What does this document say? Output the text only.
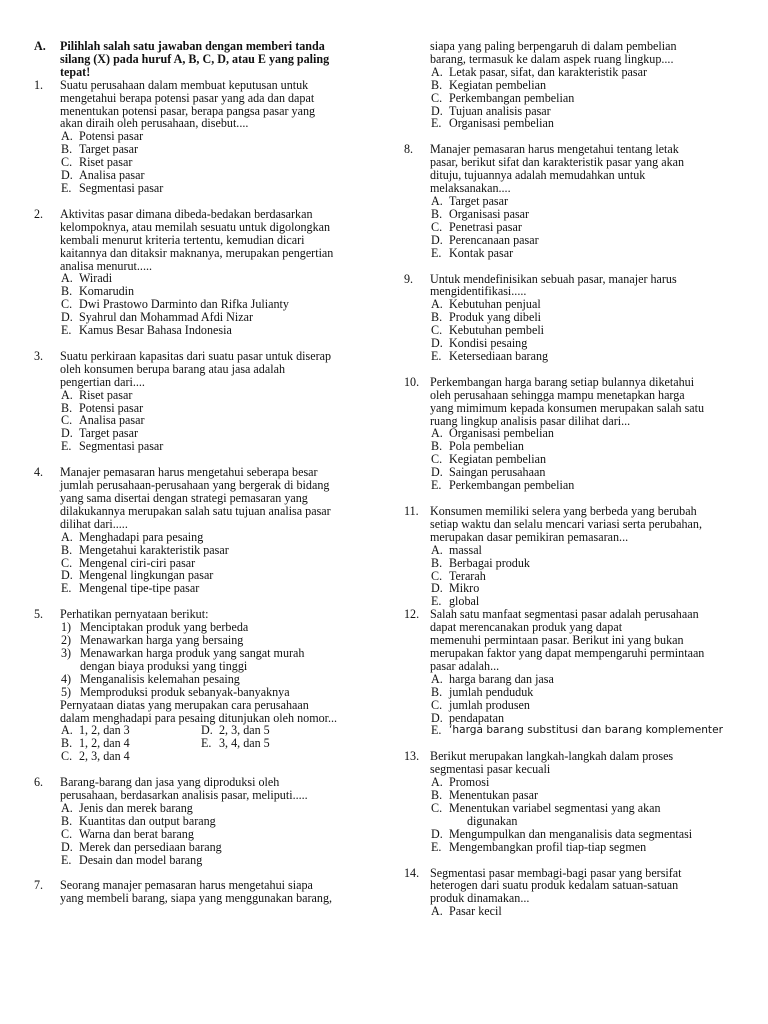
A.	Pilihlah salah satu jawaban dengan memberi tanda
silang (X) pada huruf A, B, C, D, atau E yang paling
tepat!
1.	Suatu perusahaan dalam membuat keputusan untuk
mengetahui berapa potensi pasar yang ada dan dapat
menentukan potensi pasar, berapa pangsa pasar yang
akan diraih oleh perusahaan, disebut....
A. Potensi pasar
B. Target pasar
C. Riset pasar
D. Analisa pasar
E. Segmentasi pasar
2.	Aktivitas pasar dimana dibeda-bedakan berdasarkan
kelompoknya, atau memilah sesuatu untuk digolongkan
kembali menurut kriteria tertentu, kemudian dicari
kaitannya dan ditaksir maknanya, merupakan pengertian
analisa menurut.....
A. Wiradi
B. Komarudin
C. Dwi Prastowo Darminto dan Rifka Julianty
D. Syahrul dan Mohammad Afdi Nizar
E. Kamus Besar Bahasa Indonesia
3.	Suatu perkiraan kapasitas dari suatu pasar untuk diserap
oleh konsumen berupa barang atau jasa adalah
pengertian dari....
A. Riset pasar
B. Potensi pasar
C. Analisa pasar
D. Target pasar
E. Segmentasi pasar
4.	Manajer pemasaran harus mengetahui seberapa besar
jumlah perusahaan-perusahaan yang bergerak di bidang
yang sama disertai dengan strategi pemasaran yang
dilakukannya merupakan salah satu tujuan analisa pasar
dilihat dari.....
A. Menghadapi para pesaing
B. Mengetahui karakteristik pasar
C. Mengenal ciri-ciri pasar
D. Mengenal lingkungan pasar
E. Mengenal tipe-tipe pasar
5.	Perhatikan pernyataan berikut:
1) Menciptakan produk yang berbeda
2) Menawarkan harga yang bersaing
3) Menawarkan harga produk yang sangat murah
dengan biaya produksi yang tinggi
4) Menganalisis kelemahan pesaing
5) Memproduksi produk sebanyak-banyaknya
Pernyataan diatas yang merupakan cara perusahaan
dalam menghadapi para pesaing ditunjukan oleh nomor...
A. 1, 2, dan 3	D. 2, 3, dan 5
B. 1, 2, dan 4	E. 3, 4, dan 5
C. 2, 3, dan 4
6.	Barang-barang dan jasa yang diproduksi oleh
perusahaan, berdasarkan analisis pasar, meliputi.....
A. Jenis dan merek barang
B. Kuantitas dan output barang
C. Warna dan berat barang
D. Merek dan persediaan barang
E. Desain dan model barang
7.	Seorang manajer pemasaran harus mengetahui siapa
yang membeli barang, siapa yang menggunakan barang,
siapa yang paling berpengaruh di dalam pembelian
barang, termasuk ke dalam aspek ruang lingkup....
A. Letak pasar, sifat, dan karakteristik pasar
B. Kegiatan pembelian
C. Perkembangan pembelian
D. Tujuan analisis pasar
E. Organisasi pembelian
8.	Manajer pemasaran harus mengetahui tentang letak
pasar, berikut sifat dan karakteristik pasar yang akan
dituju, tujuannya adalah memudahkan untuk
melaksanakan....
A. Target pasar
B. Organisasi pasar
C. Penetrasi pasar
D. Perencanaan pasar
E. Kontak pasar
9.	Untuk mendefinisikan sebuah pasar, manajer harus
mengidentifikasi.....
A. Kebutuhan penjual
B. Produk yang dibeli
C. Kebutuhan pembeli
D. Kondisi pesaing
E. Ketersediaan barang
10. Perkembangan harga barang setiap bulannya diketahui
oleh perusahaan sehingga mampu menetapkan harga
yang mimimum kepada konsumen merupakan salah satu
ruang lingkup analisis pasar dilihat dari...
A. Organisasi pembelian
B. Pola pembelian
C. Kegiatan pembelian
D. Saingan perusahaan
E. Perkembangan pembelian
11. Konsumen memiliki selera yang berbeda yang berubah
setiap waktu dan selalu mencari variasi serta perubahan,
merupakan dasar pemikiran pemasaran...
A. massal
B. Berbagai produk
C. Terarah
D. Mikro
E. global
12. Salah satu manfaat segmentasi pasar adalah perusahaan
dapat merencanakan produk yang dapat
memenuhi permintaan pasar. Berikut ini yang bukan
merupakan faktor yang dapat mempengaruhi permintaan
pasar adalah...
A. harga barang dan jasa
B. jumlah penduduk
C. jumlah produsen
D. pendapatan
E. ‘harga barang substitusi dan barang komplementer
13. Berikut merupakan langkah-langkah dalam proses
segmentasi pasar kecuali
A. Promosi
B. Menentukan pasar
C. Menentukan variabel segmentasi yang akan
digunakan
D. Mengumpulkan dan menganalisis data segmentasi
E. Mengembangkan profil tiap-tiap segmen
14. Segmentasi pasar membagi-bagi pasar yang bersifat
heterogen dari suatu produk kedalam satuan-satuan
produk dinamakan...
A. Pasar kecil
